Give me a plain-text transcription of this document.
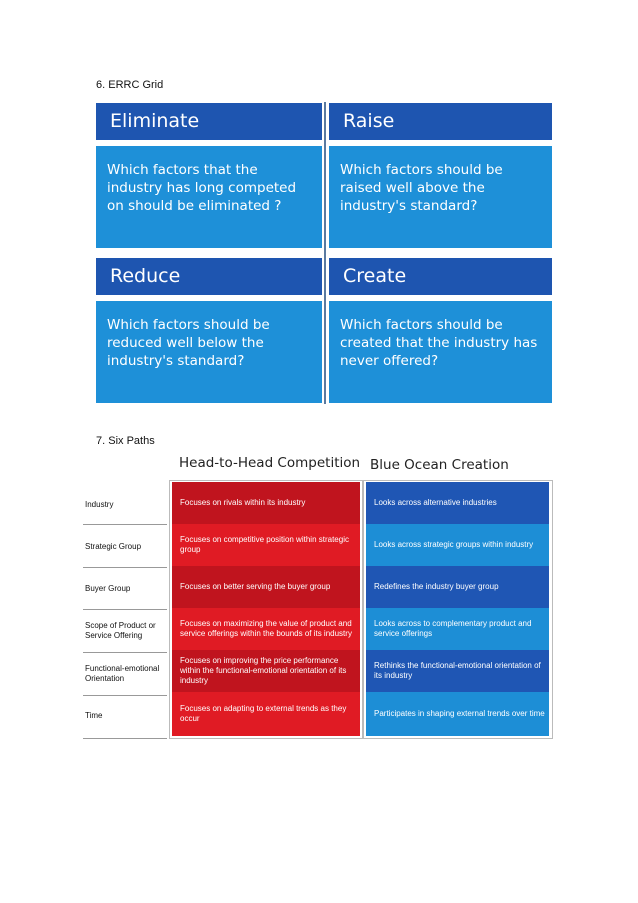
6. ERRC Grid
Eliminate
Which factors that the industry has long competed on should be eliminated ?
Raise
Which factors should be raised well above the industry's standard?
Reduce
Which factors should be reduced well below the industry's standard?
Create
Which factors should be created that the industry has never offered?
7. Six Paths
Head-to-Head Competition Blue Ocean Creation
Industry
Strategic Group
Buyer Group
Scope of Product or Service Offering
Functional-emotional Orientation
Time
Focuses on rivals within its industry
Focuses on competitive position within strategic group
Focuses on better serving the buyer group
Focuses on maximizing the value of product and service offerings within the bounds of its industry
Focuses on improving the price performance within the functional-emotional orientation of its industry
Focuses on adapting to external trends as they occur
Looks across alternative industries
Looks across strategic groups within industry
Redefines the industry buyer group
Looks across to complementary product and service offerings
Rethinks the functional-emotional orientation of its industry
Participates in shaping external trends over time
